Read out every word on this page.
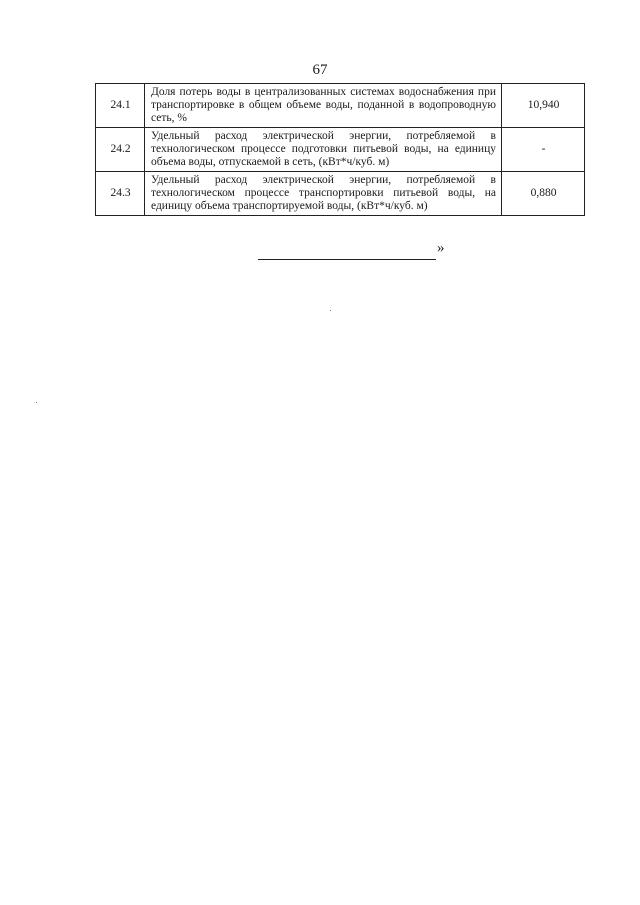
67
24.1	Доля потерь воды в централизованных системах водоснабжения при транспортировке в общем объеме воды, поданной в водопроводную сеть, %	10,940
24.2	Удельный расход электрической энергии, потребляемой в технологическом процессе подготовки питьевой воды, на единицу объема воды, отпускаемой в сеть, (кВт*ч/куб. м)	-
24.3	Удельный расход электрической энергии, потребляемой в технологическом процессе транспортировки питьевой воды, на единицу объема транспортируемой воды, (кВт*ч/куб. м)	0,880
»
